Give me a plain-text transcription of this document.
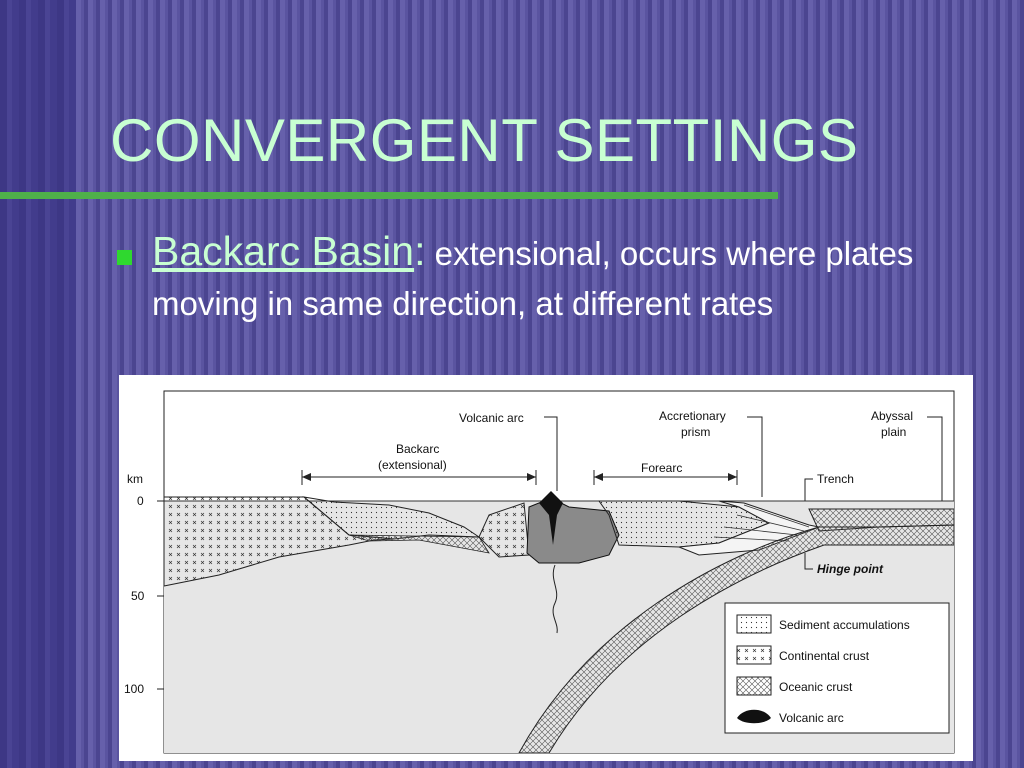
CONVERGENT SETTINGS
Backarc Basin: extensional, occurs where plates moving in same direction, at different rates
km
0
50
100
Volcanic arc	Accretionary
prism
Abyssal
plain
Backarc
(extensional)	Forearc
Trench
Hinge point
Sediment accumulations
Continental crust
Oceanic crust
Volcanic arc
